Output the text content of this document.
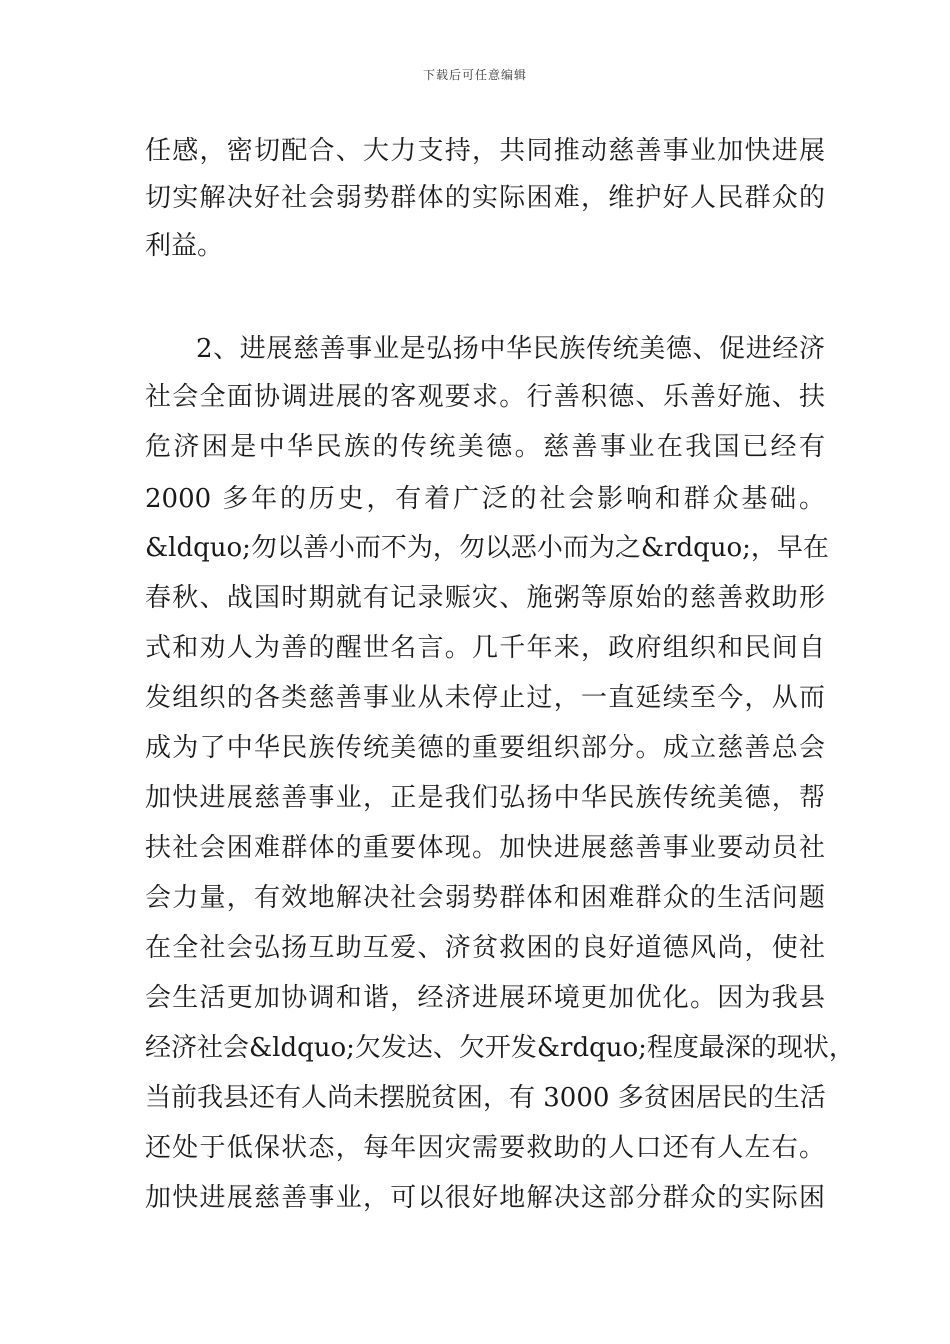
下载后可任意编辑
任感，密切配合、大力支持，共同推动慈善事业加快进展
切实解决好社会弱势群体的实际困难，维护好人民群众的
利益。
2、进展慈善事业是弘扬中华民族传统美德、促进经济
社会全面协调进展的客观要求。行善积德、乐善好施、扶
危济困是中华民族的传统美德。慈善事业在我国已经有
2000 多年的历史，有着广泛的社会影响和群众基础。
&ldquo;勿以善小而不为，勿以恶小而为之&rdquo;，早在
春秋、战国时期就有记录赈灾、施粥等原始的慈善救助形
式和劝人为善的醒世名言。几千年来，政府组织和民间自
发组织的各类慈善事业从未停止过，一直延续至今，从而
成为了中华民族传统美德的重要组织部分。成立慈善总会
加快进展慈善事业，正是我们弘扬中华民族传统美德，帮
扶社会困难群体的重要体现。加快进展慈善事业要动员社
会力量，有效地解决社会弱势群体和困难群众的生活问题
在全社会弘扬互助互爱、济贫救困的良好道德风尚，使社
会生活更加协调和谐，经济进展环境更加优化。因为我县
经济社会&ldquo;欠发达、欠开发&rdquo;程度最深的现状，
当前我县还有人尚未摆脱贫困，有 3000 多贫困居民的生活
还处于低保状态，每年因灾需要救助的人口还有人左右。
加快进展慈善事业，可以很好地解决这部分群众的实际困
